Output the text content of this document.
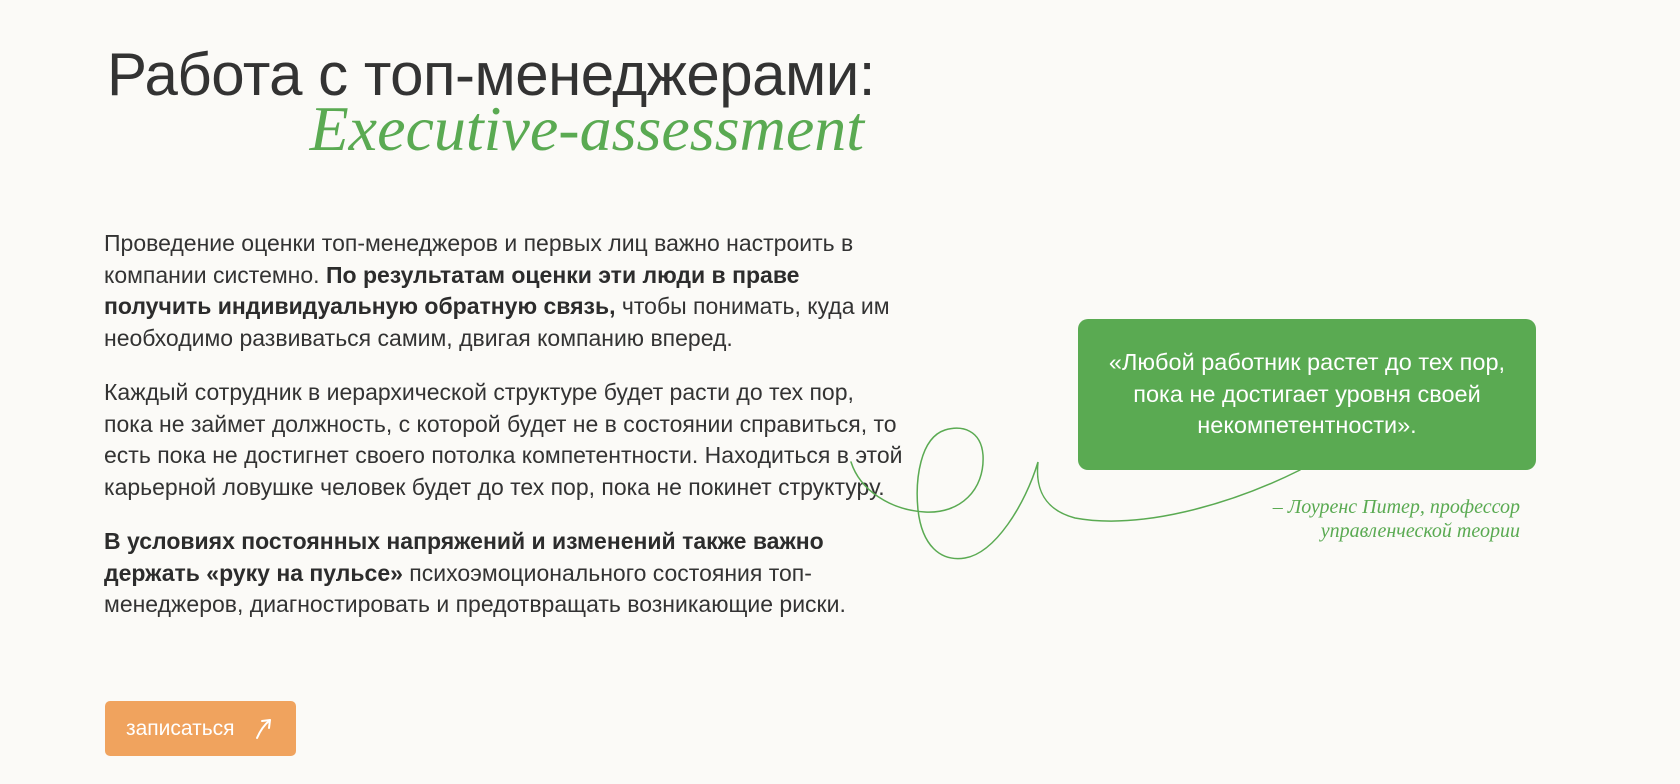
Работа с топ-менеджерами:
Executive-assessment

Проведение оценки топ-менеджеров и первых лиц важно настроить в компании системно. По результатам оценки эти люди в праве получить индивидуальную обратную связь, чтобы понимать, куда им необходимо развиваться самим, двигая компанию вперед.

Каждый сотрудник в иерархической структуре будет расти до тех пор, пока не займет должность, с которой будет не в состоянии справиться, то есть пока не достигнет своего потолка компетентности. Находиться в этой карьерной ловушке человек будет до тех пор, пока не покинет структуру.

В условиях постоянных напряжений и изменений также важно держать «руку на пульсе» психоэмоционального состояния топ-менеджеров, диагностировать и предотвращать возникающие риски.

записаться
«Любой работник растет до тех пор, пока не достигает уровня своей некомпетентности».
– Лоуренс Питер, профессор
управленческой теории
